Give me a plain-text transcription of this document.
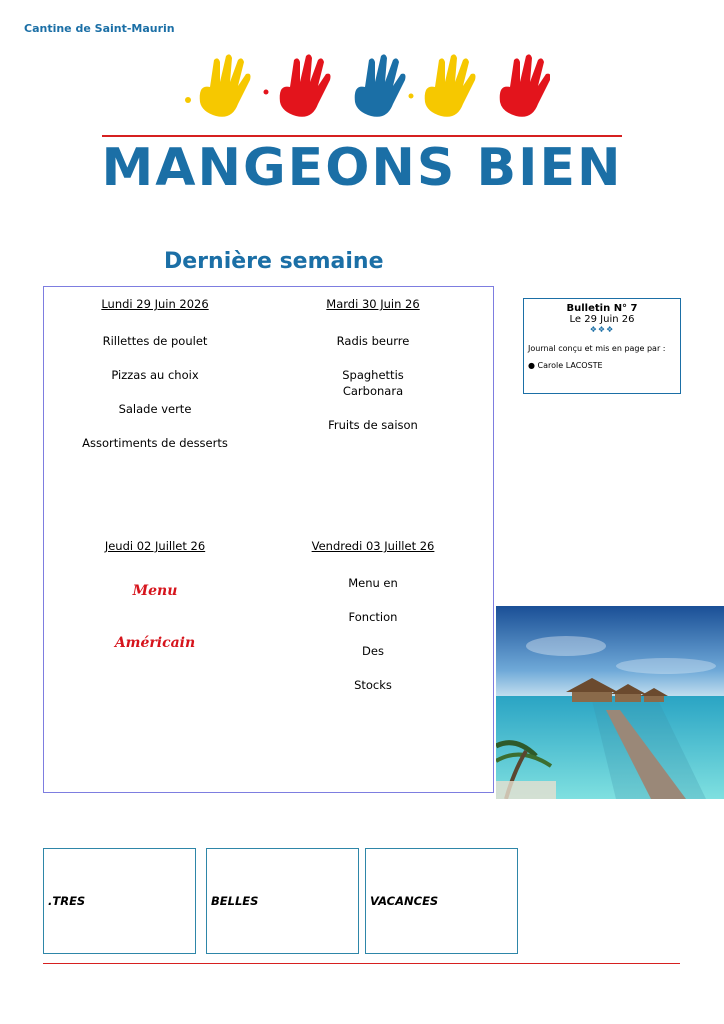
Cantine de Saint-Maurin
MANGEONS BIEN
Dernière semaine
Lundi 29 Juin 2026
Rillettes de poulet
Pizzas au choix
Salade verte
Assortiments de desserts
Mardi 30 Juin 26
Radis beurre
Spaghettis
Carbonara
Fruits de saison
Jeudi 02 Juillet 26
Menu
Américain
Vendredi 03 Juillet 26
Menu en
Fonction
Des
Stocks
Bulletin N° 7
Le 29 Juin 26
❖❖❖
Journal conçu et mis en page par :
● Carole LACOSTE
.TRES	BELLES	VACANCES
